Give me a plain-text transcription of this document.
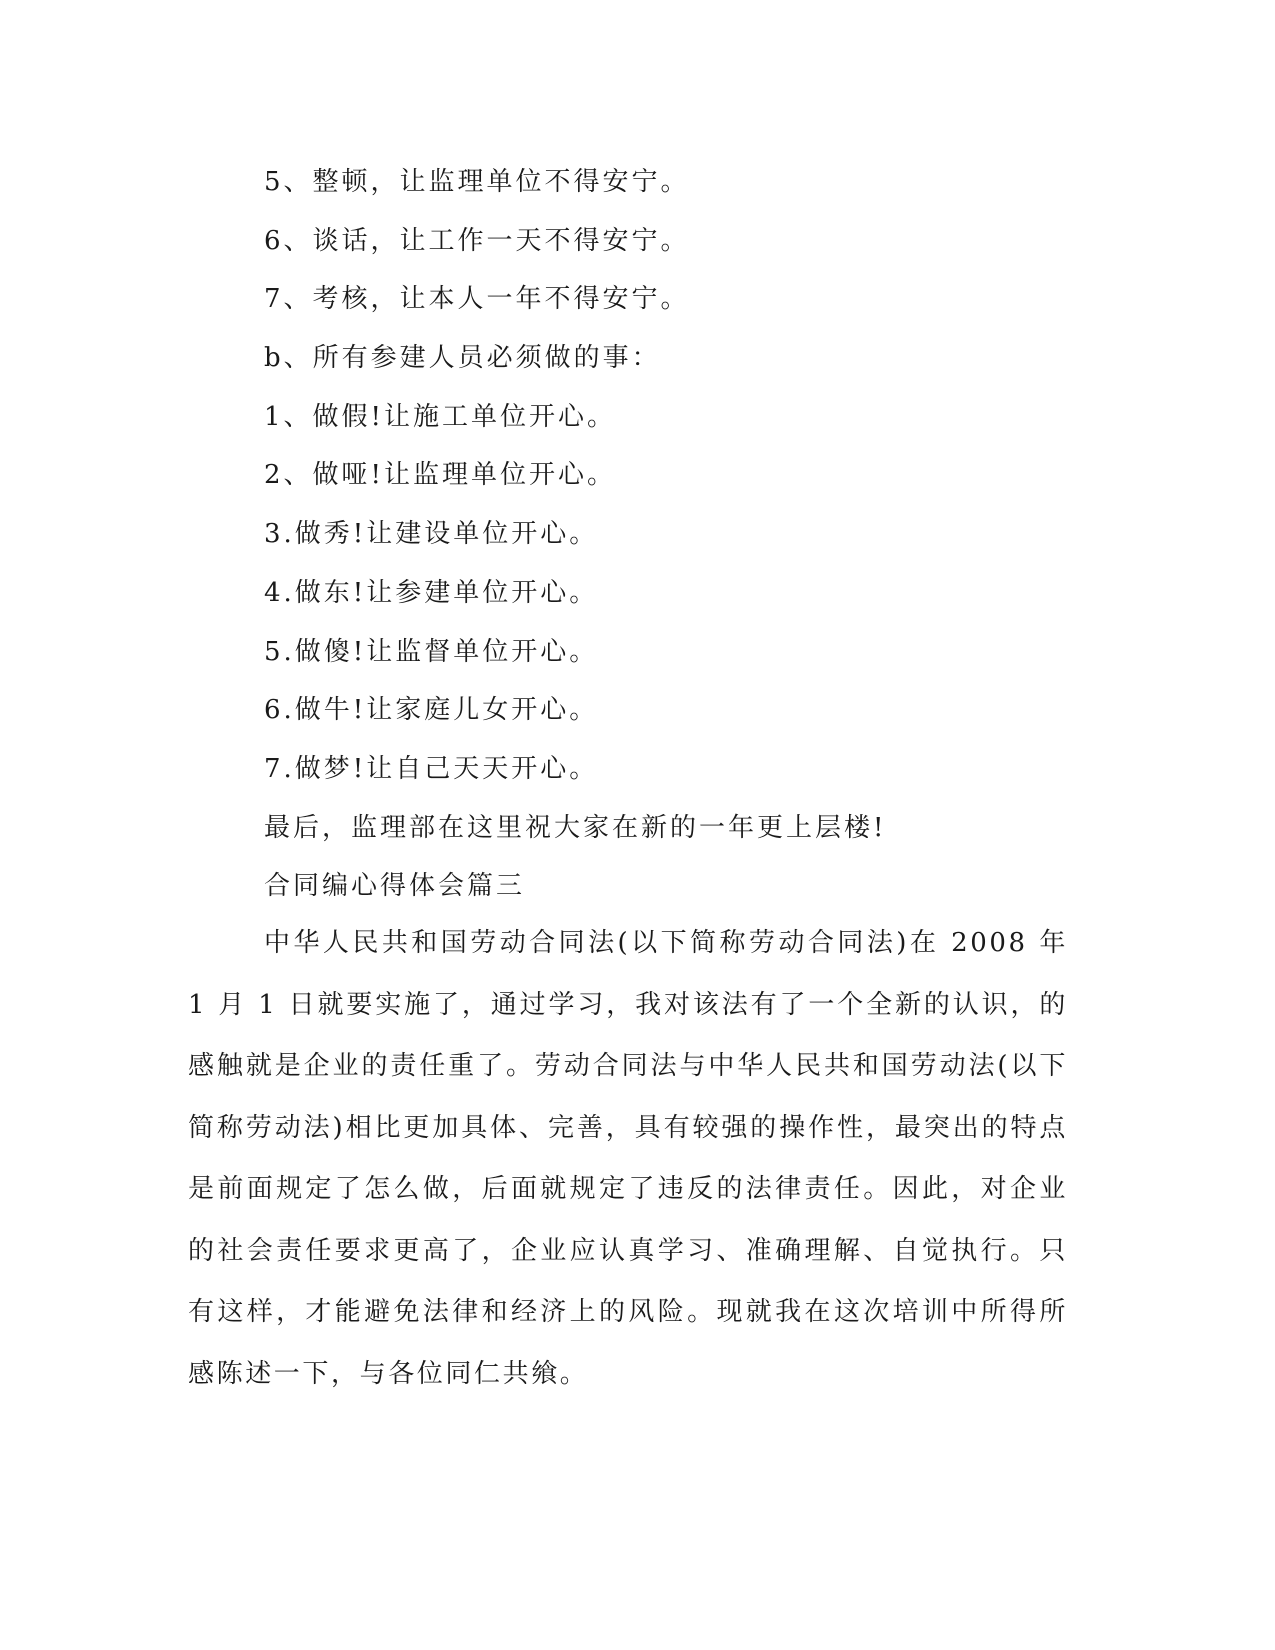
5、整顿，让监理单位不得安宁。
6、谈话，让工作一天不得安宁。
7、考核，让本人一年不得安宁。
b、所有参建人员必须做的事：
1、做假!让施工单位开心。
2、做哑!让监理单位开心。
3.做秀!让建设单位开心。
4.做东!让参建单位开心。
5.做傻!让监督单位开心。
6.做牛!让家庭儿女开心。
7.做梦!让自己天天开心。
最后，监理部在这里祝大家在新的一年更上层楼!
合同编心得体会篇三
中华人民共和国劳动合同法(以下简称劳动合同法)在 2008 年 1 月 1 日就要实施了，通过学习，我对该法有了一个全新的认识，的感触就是企业的责任重了。劳动合同法与中华人民共和国劳动法(以下简称劳动法)相比更加具体、完善，具有较强的操作性，最突出的特点是前面规定了怎么做，后面就规定了违反的法律责任。因此，对企业的社会责任要求更高了，企业应认真学习、准确理解、自觉执行。只有这样，才能避免法律和经济上的风险。现就我在这次培训中所得所感陈述一下，与各位同仁共飨。
